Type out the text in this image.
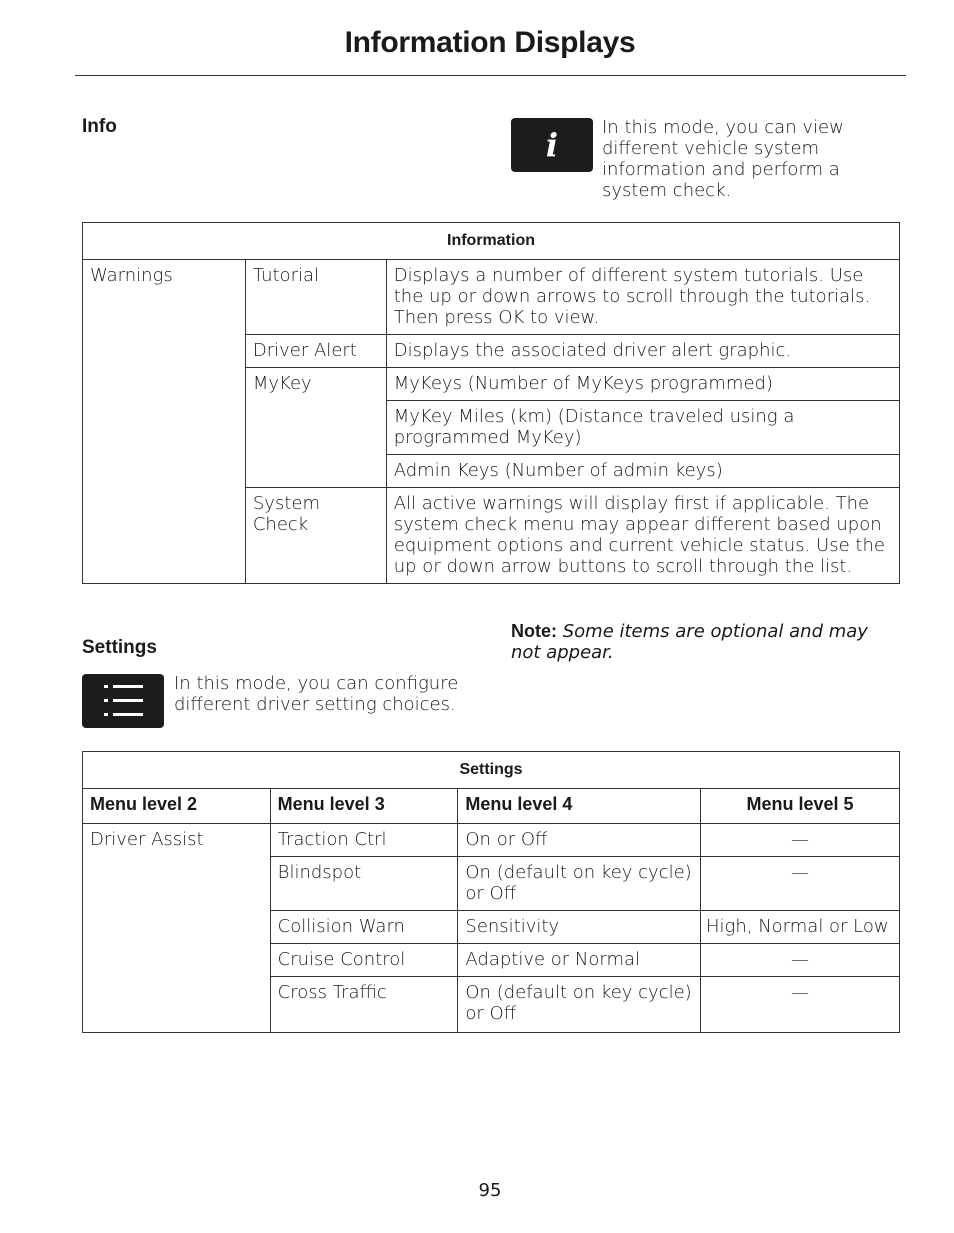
Information Displays
Info	i	In this mode, you can view
different vehicle system information and perform a system check.
Information		
Warnings	Tutorial	Displays a number of different system tutorials. Use the up or down arrows to scroll through the tutorials. Then press OK to view.
	Driver Alert	Displays the associated driver alert graphic.
	MyKey	MyKeys (Number of MyKeys programmed)
		MyKey Miles (km) (Distance traveled using a programmed MyKey)
		Admin Keys (Number of admin keys)

	System Check	All active warnings will display first if applicable. The system check menu may appear different based upon equipment options and current vehicle status. Use the up or down arrow buttons to scroll through the list.
Note: Some items are optional and may not appear.
Settings
In this mode, you can configure different driver setting choices.
Settings			
Menu level 2	Menu level 3	Menu level 4	Menu level 5
Driver Assist	Traction Ctrl	On or Off	—
	Blindspot	On (default on key cycle) or Off	—
	Collision Warn	Sensitivity	High, Normal or Low
	Cruise Control	Adaptive or Normal	—
	Cross Traffic	On (default on key cycle) or Off	—
95
